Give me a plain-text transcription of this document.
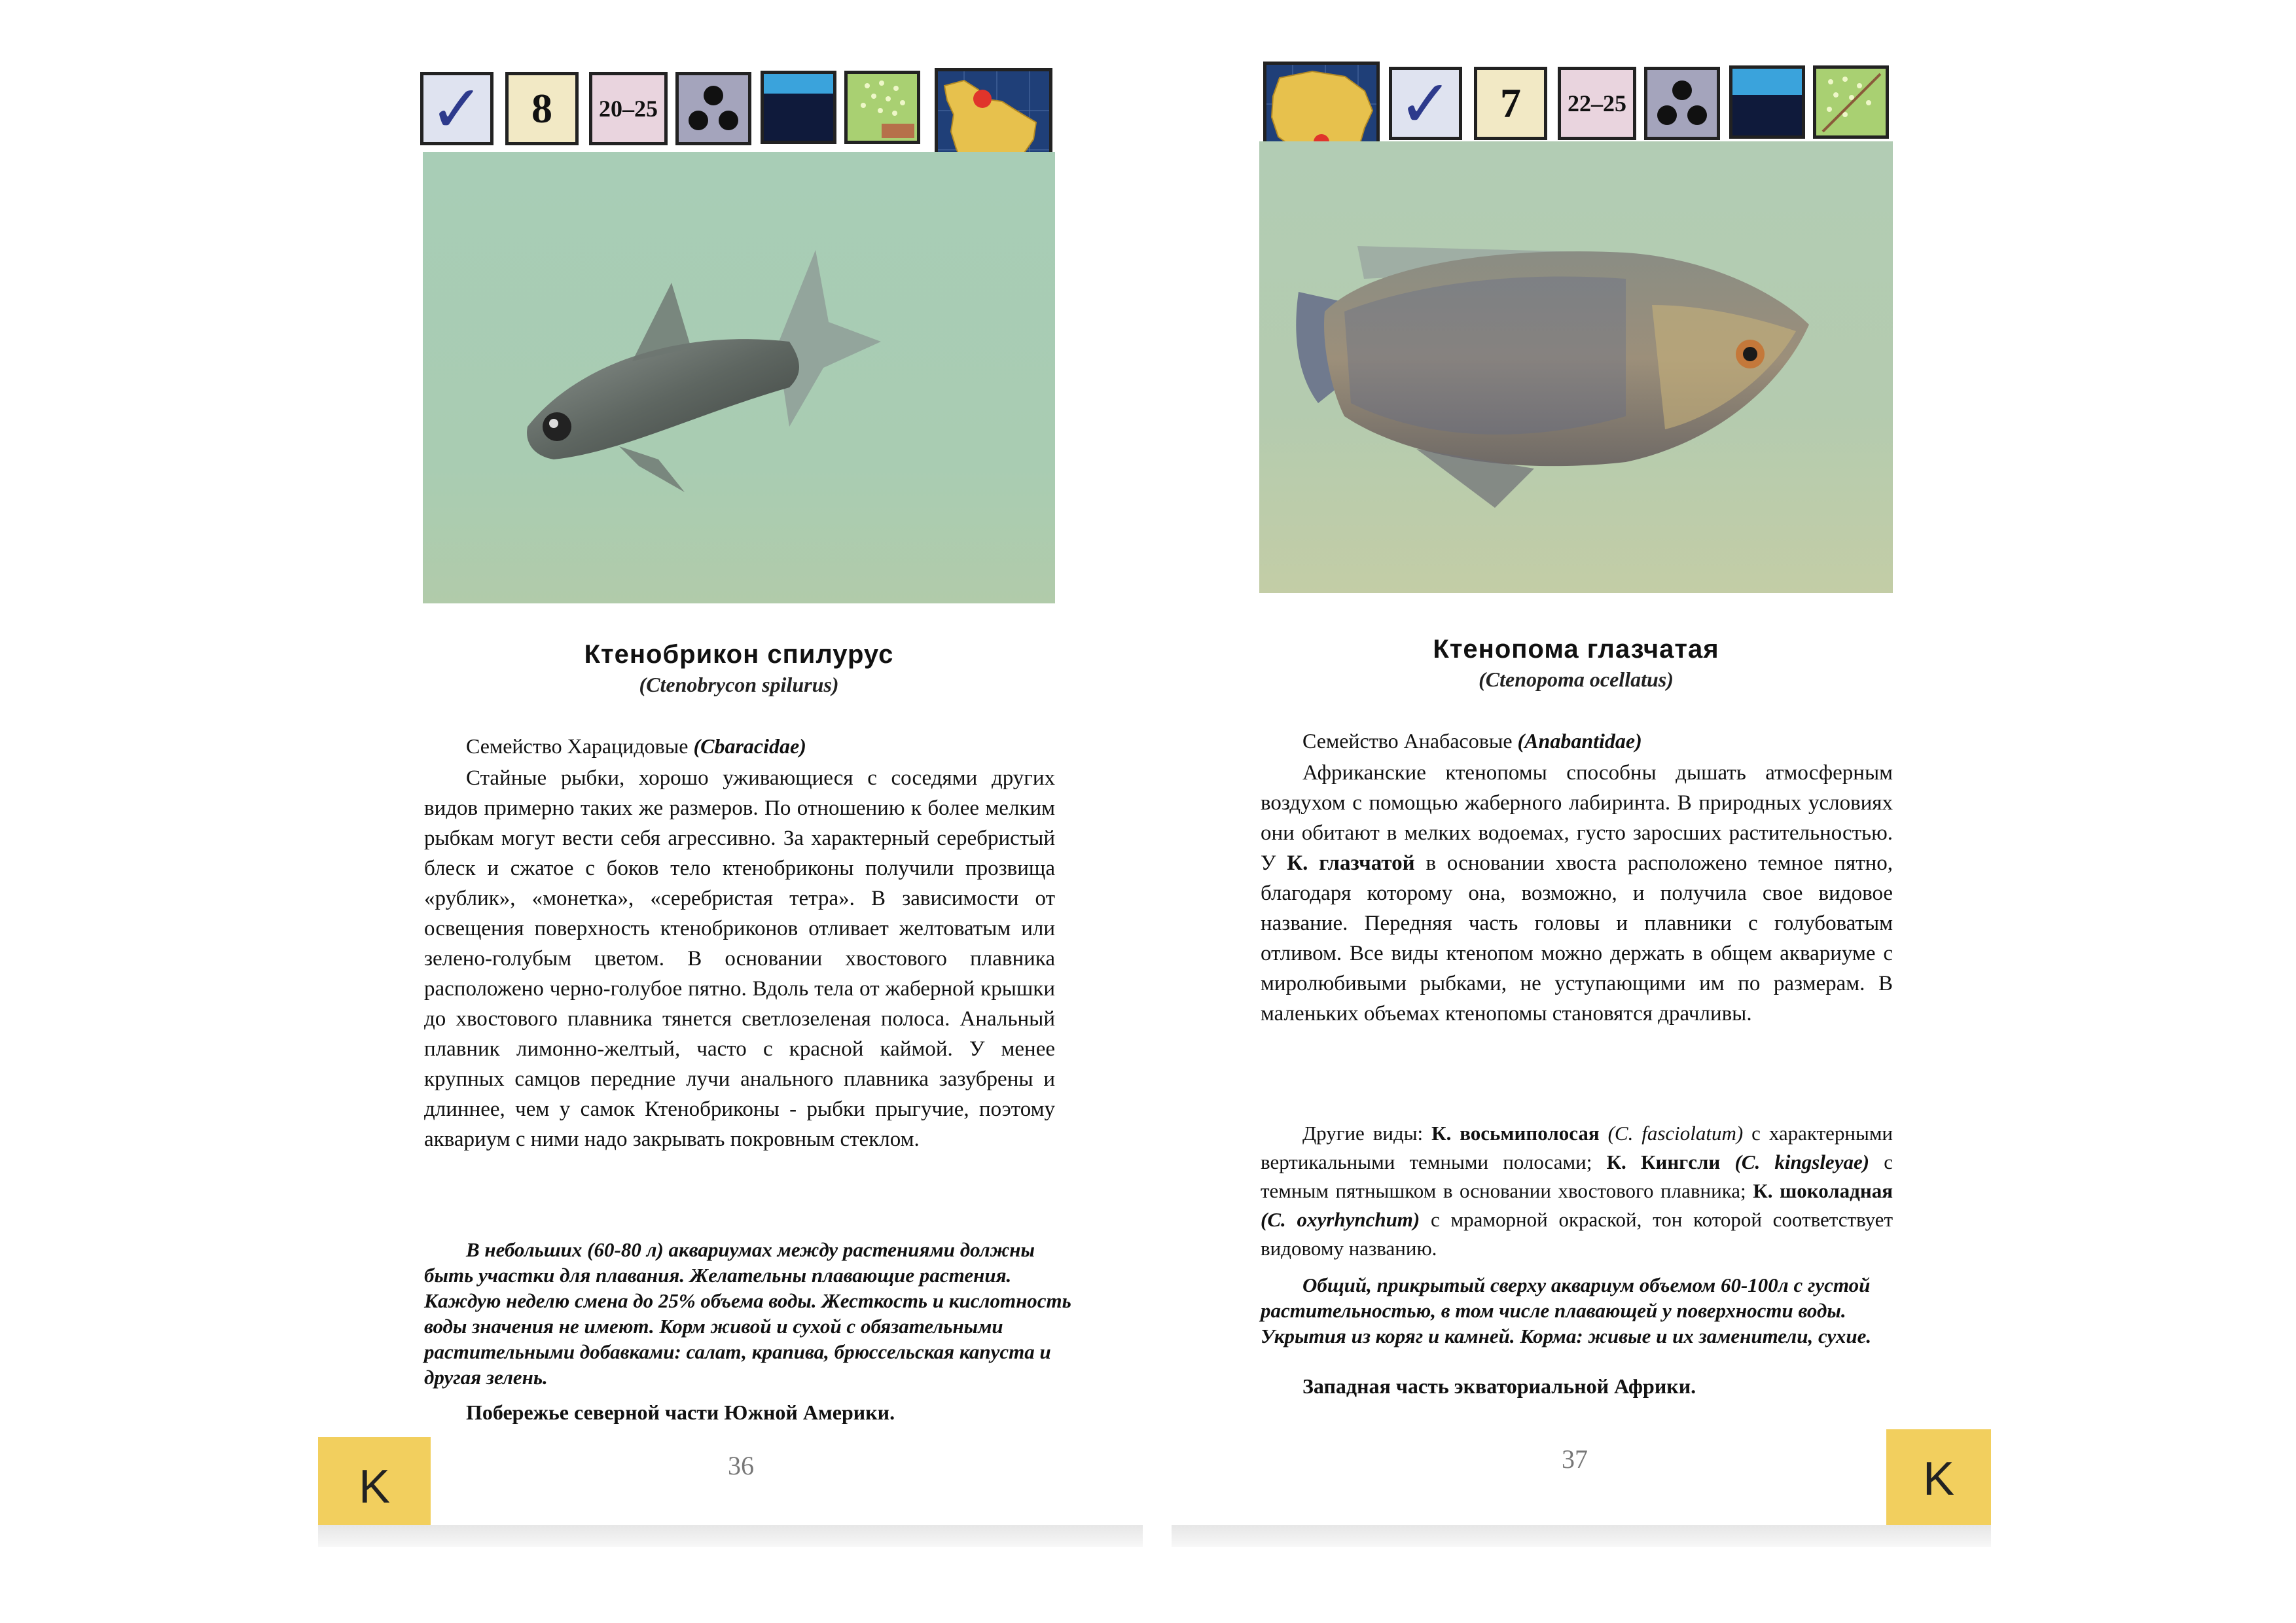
✓ 8 20–25
Ктенобрикон спилурус
(Ctenobrycon spilurus)
Семейство Харацидовые (Cbaracidae)

Стайные рыбки, хорошо уживающиеся с соседями других видов примерно таких же размеров. По отношению к более мелким рыбкам могут вести себя агрессивно. За характерный серебристый блеск и сжатое с боков тело ктенобриконы получили прозвища «рублик», «монетка», «серебристая тетра». В зависимости от освещения поверхность ктенобриконов отливает желтоватым или зелено-голубым цветом. В основании хвостового плавника расположено черно-голубое пятно. Вдоль тела от жаберной крышки до хвостового плавника тянется светлозеленая полоса. Анальный плавник лимонно-желтый, часто с красной каймой. У менее крупных самцов передние лучи анального плавника зазубрены и длиннее, чем у самок Ктенобриконы - рыбки прыгучие, поэтому аквариум с ними надо закрывать покровным стеклом.

В небольших (60-80 л) аквариумах между растениями должны быть участки для плавания. Желательны плавающие растения. Каждую неделю смена до 25% объема воды. Жесткость и кислотность воды значения не имеют. Корм живой и сухой с обязательными растительными добавками: салат, крапива, брюссельская капуста и другая зелень.

Побережье северной части Южной Америки.
K	36
✓ 7 22–25
Ктенопома глазчатая
(Ctenopoma ocellatus)
Семейство Анабасовые (Anabantidae)

Африканские ктенопомы способны дышать атмосферным воздухом с помощью жаберного лабиринта. В природных условиях они обитают в мелких водоемах, густо заросших растительностью. У К. глазчатой в основании хвоста расположено темное пятно, благодаря которому она, возможно, и получила свое видовое название. Передняя часть головы и плавники с голубоватым отливом. Все виды ктенопом можно держать в общем аквариуме с миролюбивыми рыбками, не уступающими им по размерам. В маленьких объемах ктенопомы становятся драчливы.

Другие виды: К. восьмиполосая (C. fasciolatum) с характерными вертикальными темными полосами; К. Кингсли (C. kingsleyae) с темным пятнышком в основании хвостового плавника; К. шоколадная (C. oxyrhynchum) с мраморной окраской, тон которой соответствует видовому названию.

Общий, прикрытый сверху аквариум объемом 60-100л с густой растительностью, в том числе плавающей у поверхности воды. Укрытия из коряг и камней. Корма: живые и их заменители, сухие.

Западная часть экваториальной Африки.
37	K
